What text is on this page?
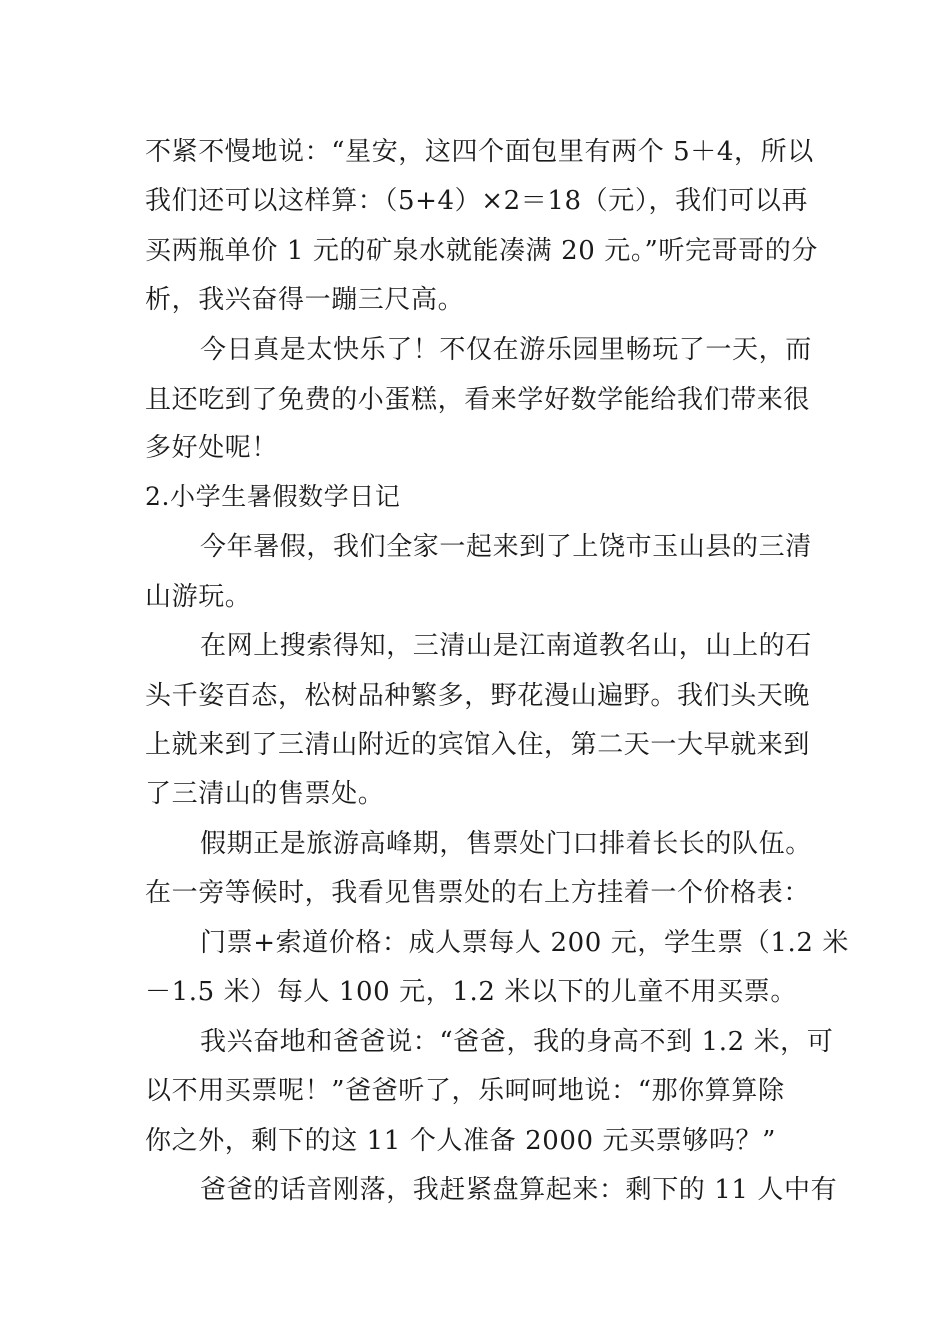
不紧不慢地说：“星安，这四个面包里有两个 5＋4，所以
我们还可以这样算：（5+4）×2＝18（元），我们可以再
买两瓶单价 1 元的矿泉水就能凑满 20 元。”听完哥哥的分
析，我兴奋得一蹦三尺高。
今日真是太快乐了！不仅在游乐园里畅玩了一天，而
且还吃到了免费的小蛋糕，看来学好数学能给我们带来很
多好处呢！
2.小学生暑假数学日记
今年暑假，我们全家一起来到了上饶市玉山县的三清
山游玩。
在网上搜索得知，三清山是江南道教名山，山上的石
头千姿百态，松树品种繁多，野花漫山遍野。我们头天晚
上就来到了三清山附近的宾馆入住，第二天一大早就来到
了三清山的售票处。
假期正是旅游高峰期，售票处门口排着长长的队伍。
在一旁等候时，我看见售票处的右上方挂着一个价格表：
门票+索道价格：成人票每人 200 元，学生票（1.2 米
－1.5 米）每人 100 元，1.2 米以下的儿童不用买票。
我兴奋地和爸爸说：“爸爸，我的身高不到 1.2 米，可
以不用买票呢！”爸爸听了，乐呵呵地说：“那你算算除
你之外，剩下的这 11 个人准备 2000 元买票够吗？”
爸爸的话音刚落，我赶紧盘算起来：剩下的 11 人中有
